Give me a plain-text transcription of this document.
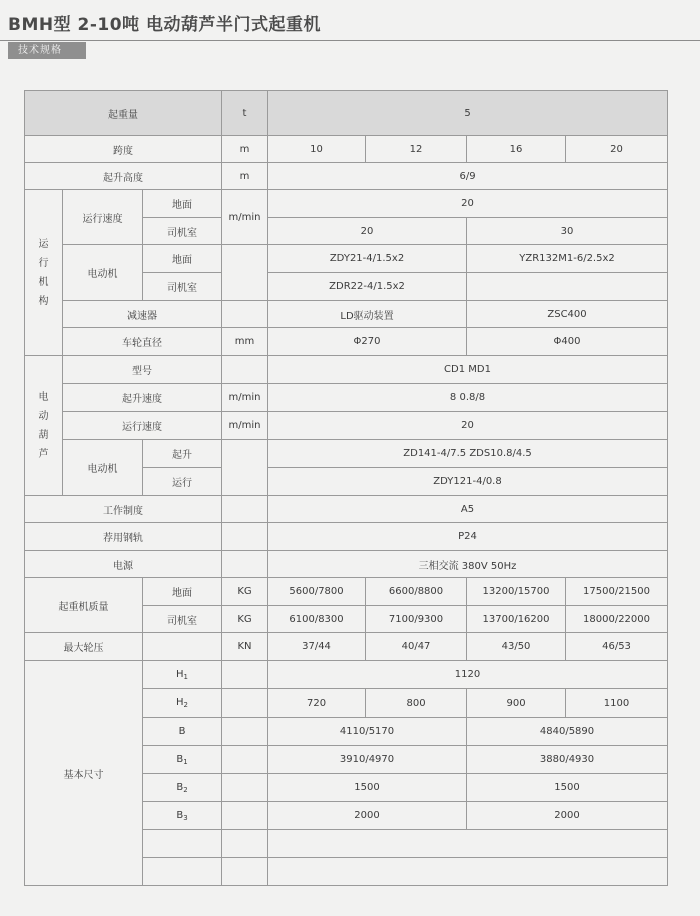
BMH型 2-10吨 电动葫芦半门式起重机
技术规格
起重量			t	5			
跨度			m	10	12	16	20
起升高度			m	6/9			
运行机构	运行速度	地面	m/min	20			
		司机室		20		30	
	电动机	地面		ZDY21-4/1.5x2		YZR132M1-6/2.5x2	
		司机室		ZDR22-4/1.5x2			
	减速器			LD驱动装置		ZSC400	
	车轮直径		mm	Φ270		Φ400	
电动葫芦	型号			CD1 MD1			
	起升速度		m/min	8 0.8/8			
	运行速度		m/min	20			
	电动机	起升		ZD141-4/7.5 ZDS10.8/4.5			
		运行		ZDY121-4/0.8			
工作制度				A5			
荐用钢轨				P24			
电源				三相交流 380V 50Hz			
起重机质量		地面	KG	5600/7800	6600/8800	13200/15700	17500/21500
		司机室	KG	6100/8300	7100/9300	13700/16200	18000/22000
最大轮压			KN	37/44	40/47	43/50	46/53
基本尺寸		$H_1$		1120			
		$H_2$		720	800	900	1100
		B		4110/5170		4840/5890	
		$B_1$		3910/4970		3880/4930	
		$B_2$		1500		1500	
		$B_3$		2000		2000	
